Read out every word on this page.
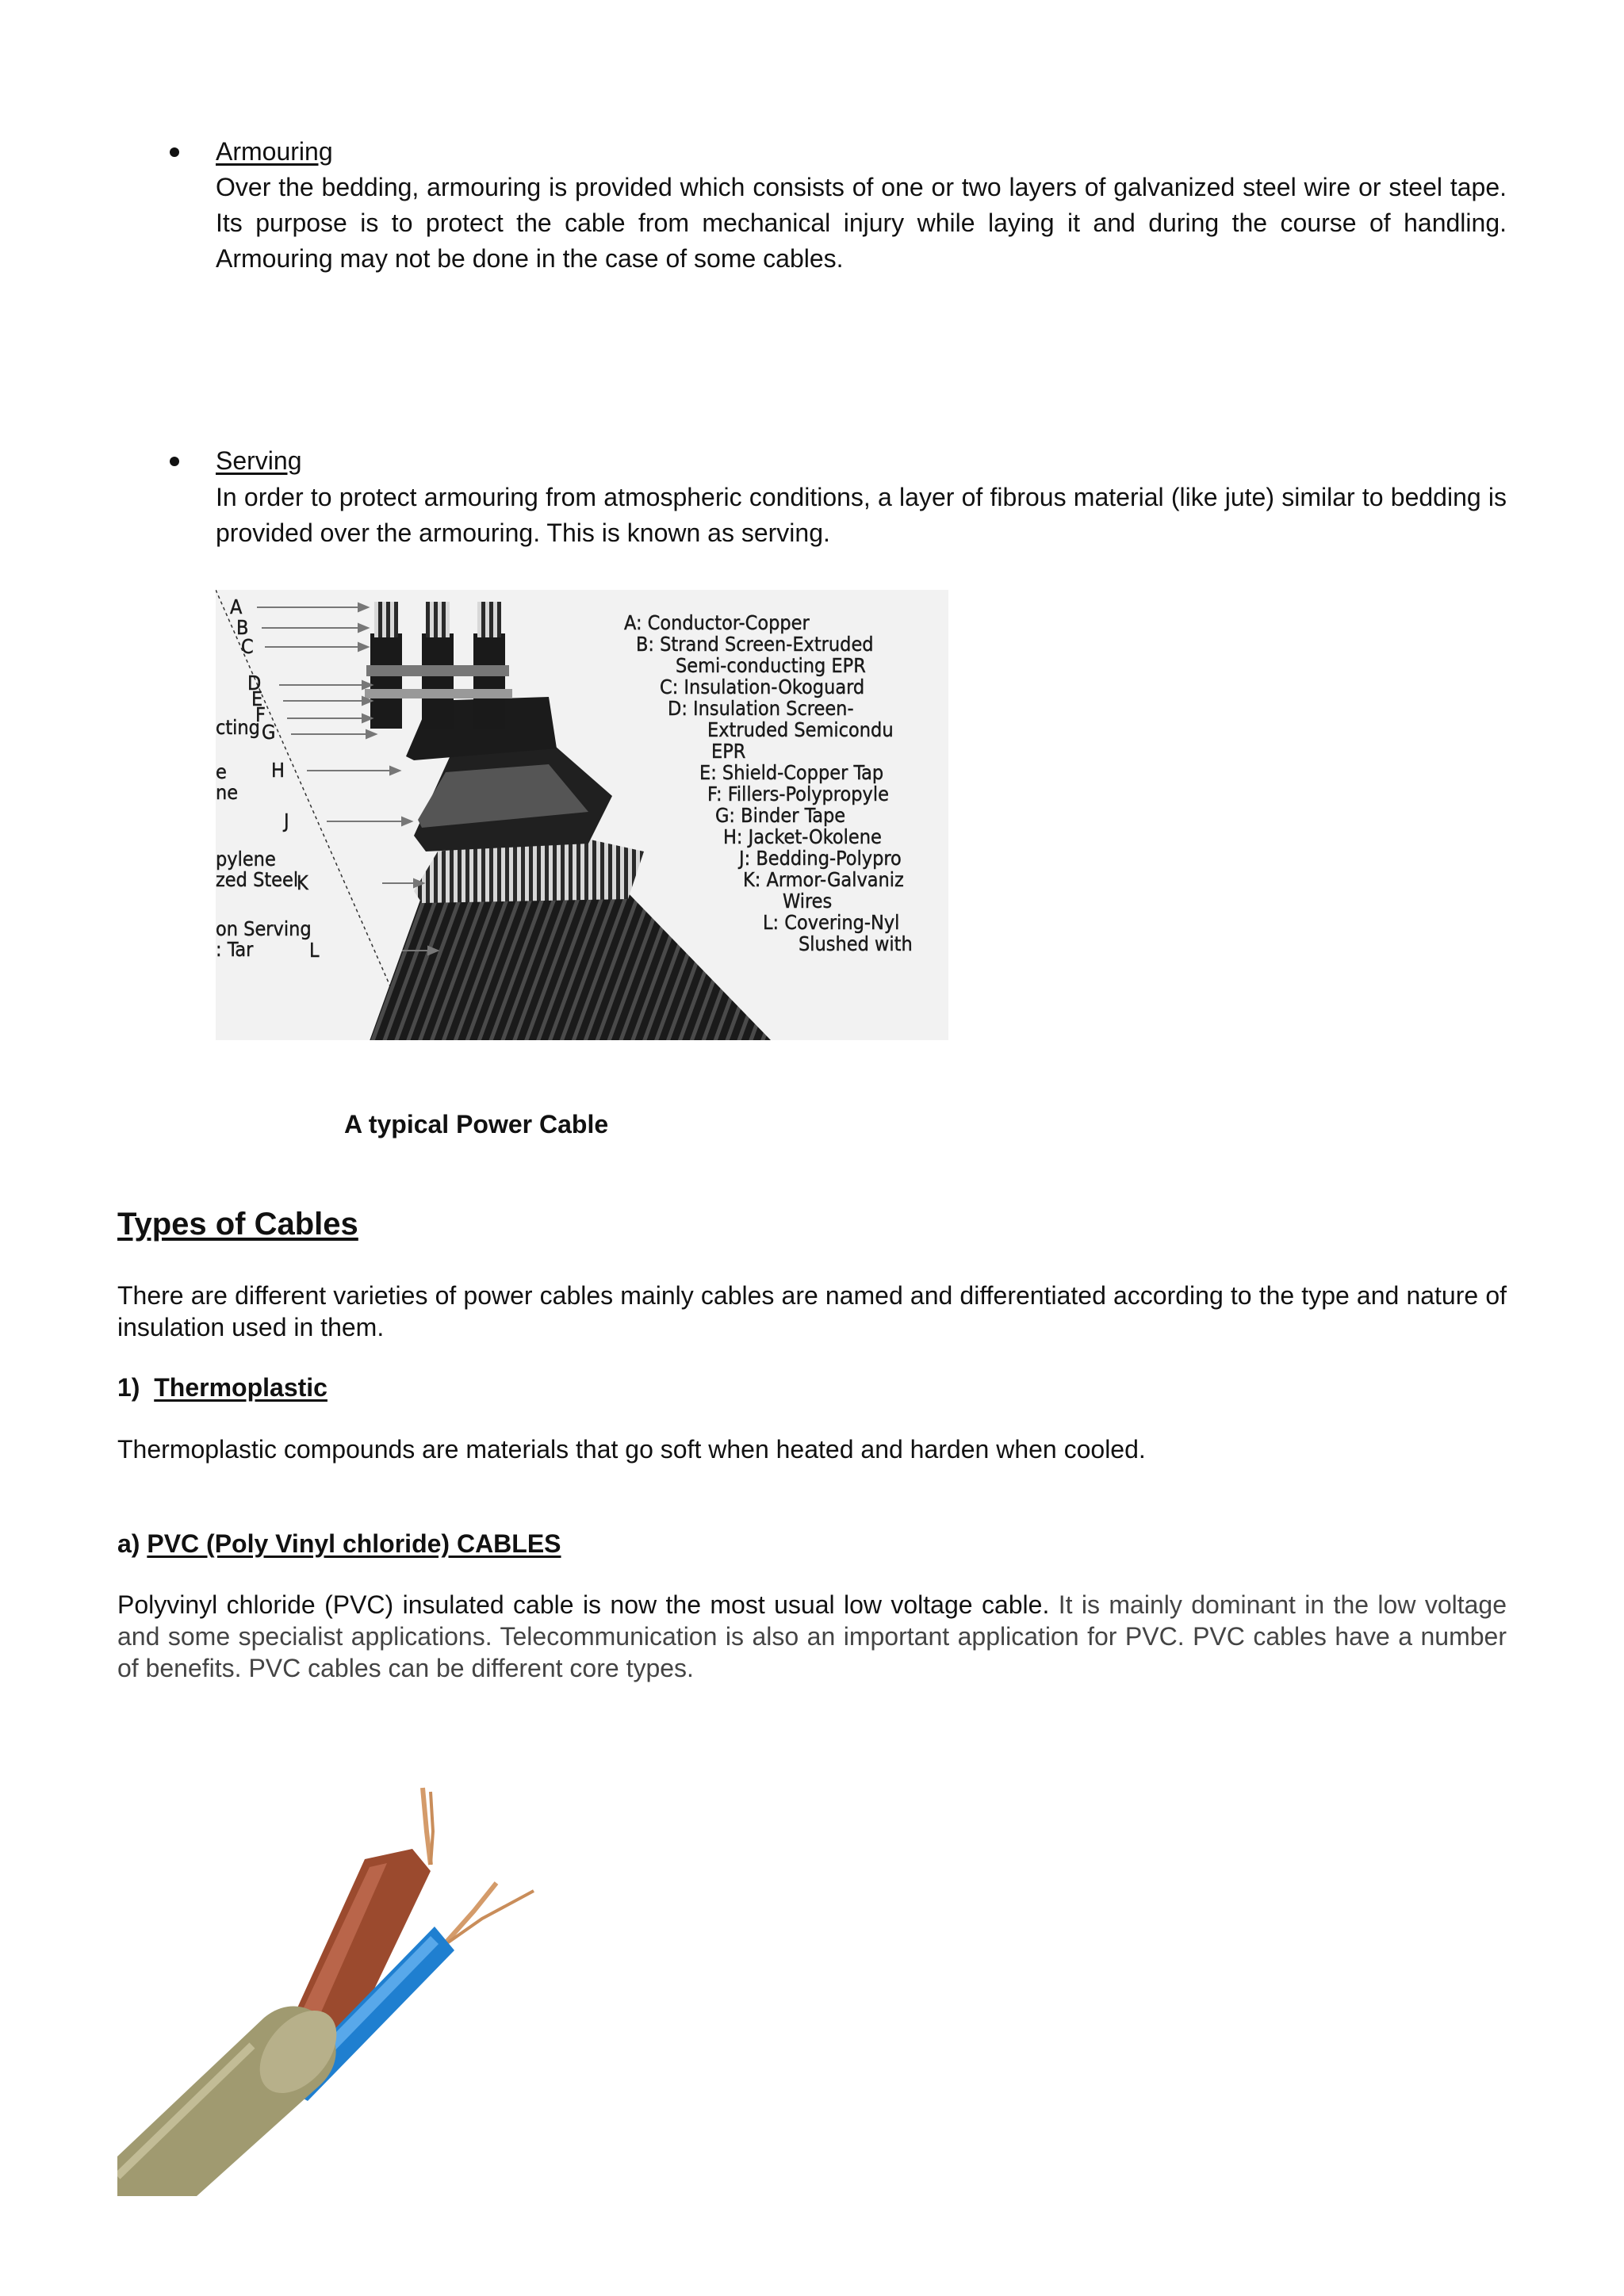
Armouring
Over the bedding, armouring is provided which consists of one or two layers of galvanized steel wire or steel tape. Its purpose is to protect the cable from mechanical injury while laying it and during the course of handling. Armouring may not be done in the case of some cables.
Serving
In order to protect armouring from atmospheric conditions, a layer of fibrous material (like jute) similar to bedding is provided over the armouring. This is known as serving.
A
B
C
D
E
F
G
H
J
K
L
A: Conductor-Copper
B: Strand Screen-Extruded
Semi-conducting EPR
C: Insulation-Okoguard
D: Insulation Screen-
Extruded Semicondu
EPR
E: Shield-Copper Tap
F: Fillers-Polypropyle
G: Binder Tape
H: Jacket-Okolene
J: Bedding-Polypro
K: Armor-Galvaniz
Wires
L: Covering-Nyl
Slushed with
cting
e
ne
pylene
zed Steel
on Serving
: Tar
A typical Power Cable
Types of Cables
There are different varieties of power cables mainly cables are named and differentiated according to the type and nature of insulation used in them.
1) Thermoplastic
Thermoplastic compounds are materials that go soft when heated and harden when cooled.
a) PVC (Poly Vinyl chloride) CABLES
Polyvinyl chloride (PVC) insulated cable is now the most usual low voltage cable. It is mainly dominant in the low voltage and some specialist applications. Telecommunication is also an important application for PVC. PVC cables have a number of benefits. PVC cables can be different core types.
